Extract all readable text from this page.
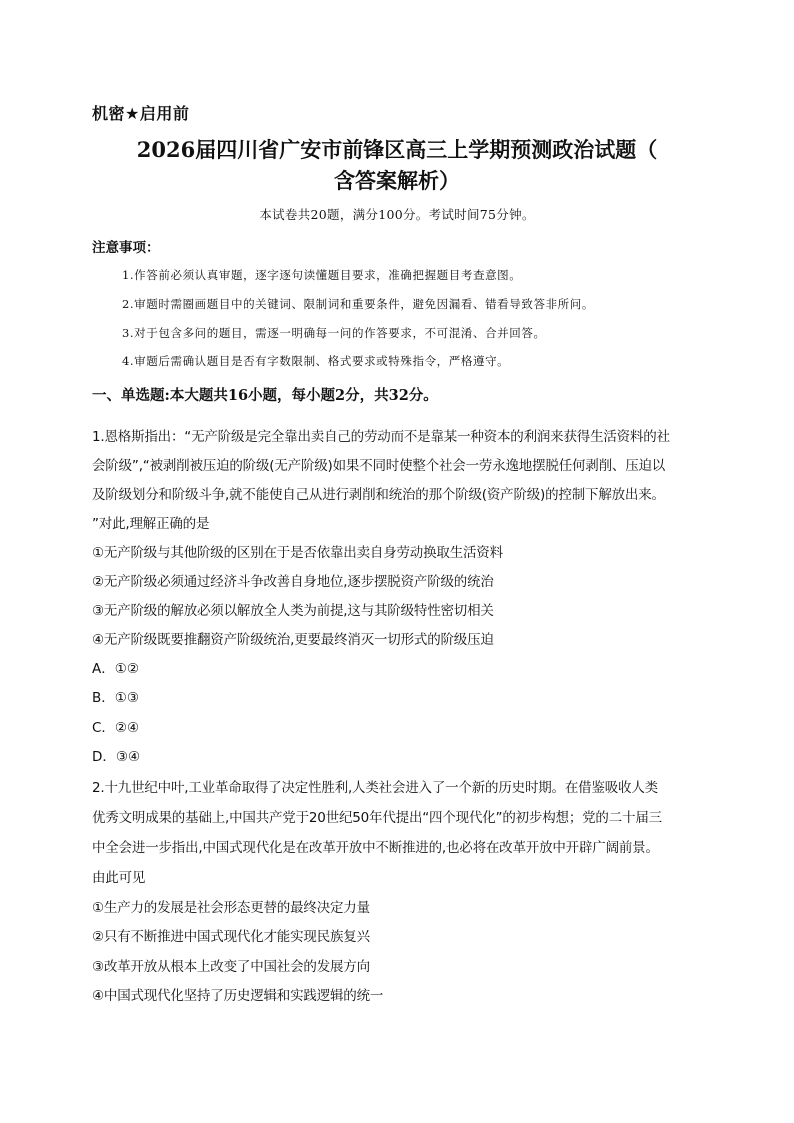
机密★启用前
2026届四川省广安市前锋区高三上学期预测政治试题（
含答案解析）
本试卷共20题，满分100分。考试时间75分钟。
注意事项：
1.作答前必须认真审题，逐字逐句读懂题目要求，准确把握题目考查意图。
2.审题时需圈画题目中的关键词、限制词和重要条件，避免因漏看、错看导致答非所问。
3.对于包含多问的题目，需逐一明确每一问的作答要求，不可混淆、合并回答。
4.审题后需确认题目是否有字数限制、格式要求或特殊指令，严格遵守。
一、单选题:本大题共16小题，每小题2分，共32分。
1.恩格斯指出：“无产阶级是完全靠出卖自己的劳动而不是靠某一种资本的利润来获得生活资料的社
会阶级”,“被剥削被压迫的阶级(无产阶级)如果不同时使整个社会一劳永逸地摆脱任何剥削、压迫以
及阶级划分和阶级斗争,就不能使自己从进行剥削和统治的那个阶级(资产阶级)的控制下解放出来。
”对此,理解正确的是
①无产阶级与其他阶级的区别在于是否依靠出卖自身劳动换取生活资料
②无产阶级必须通过经济斗争改善自身地位,逐步摆脱资产阶级的统治
③无产阶级的解放必须以解放全人类为前提,这与其阶级特性密切相关
④无产阶级既要推翻资产阶级统治,更要最终消灭一切形式的阶级压迫
A．①②
B．①③
C．②④
D．③④
2.十九世纪中叶,工业革命取得了决定性胜利,人类社会进入了一个新的历史时期。在借鉴吸收人类
优秀文明成果的基础上,中国共产党于20世纪50年代提出“四个现代化”的初步构想；党的二十届三
中全会进一步指出,中国式现代化是在改革开放中不断推进的,也必将在改革开放中开辟广阔前景。
由此可见
①生产力的发展是社会形态更替的最终决定力量
②只有不断推进中国式现代化才能实现民族复兴
③改革开放从根本上改变了中国社会的发展方向
④中国式现代化坚持了历史逻辑和实践逻辑的统一
